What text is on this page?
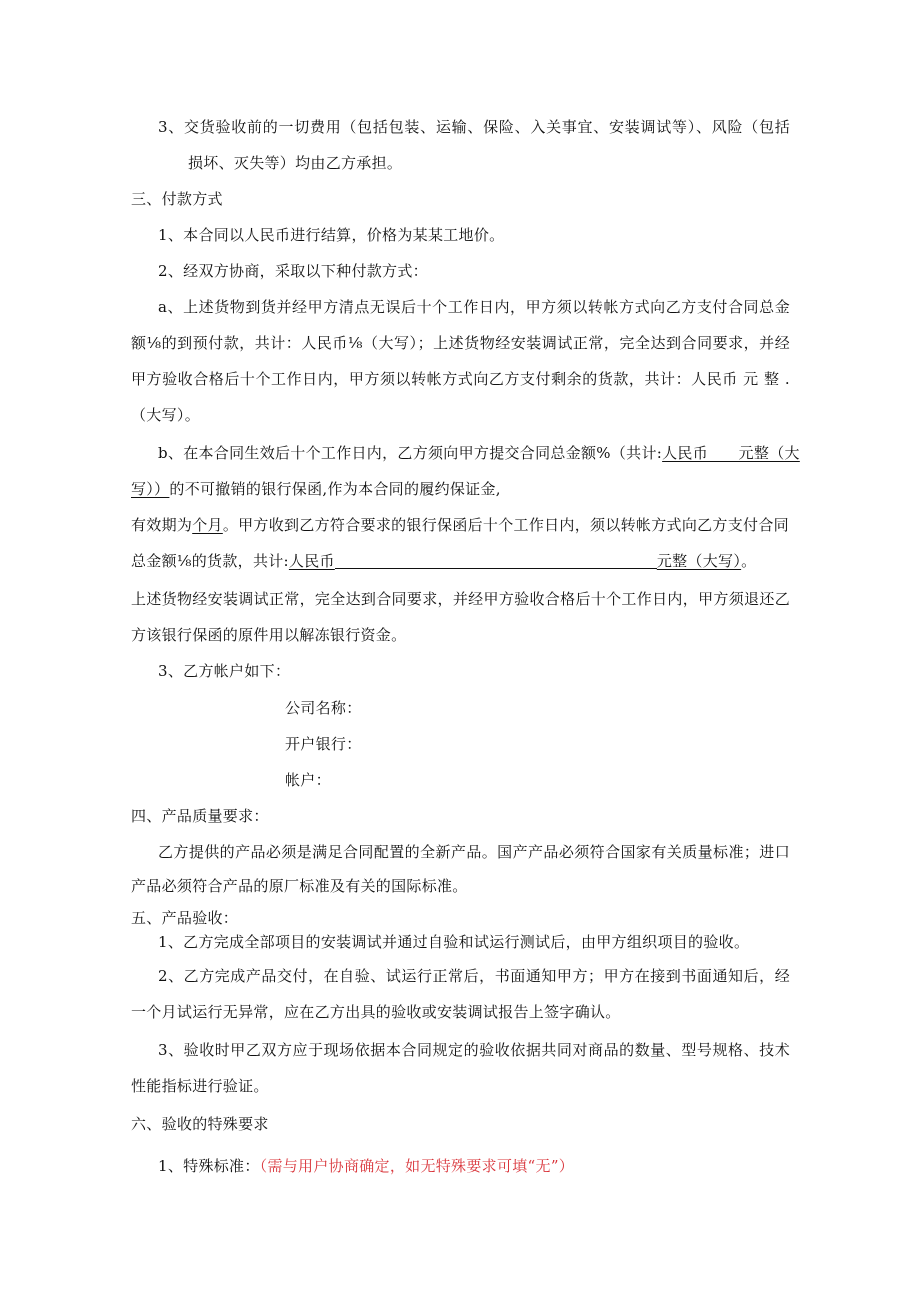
3、交货验收前的一切费用（包括包装、运输、保险、入关事宜、安装调试等）、风险（包括
损坏、灭失等）均由乙方承担。
三、付款方式
1、本合同以人民币进行结算，价格为某某工地价。
2、经双方协商，采取以下种付款方式：
a、上述货物到货并经甲方清点无误后十个工作日内，甲方须以转帐方式向乙方支付合同总金
额⅛的到预付款，共计：人民币⅛（大写）；上述货物经安装调试正常，完全达到合同要求，并经
甲方验收合格后十个工作日内，甲方须以转帐方式向乙方支付剩余的货款，共计：人民币 元 整 .
（大写）。
b、在本合同生效后十个工作日内，乙方须向甲方提交合同总金额%（共计:人民币　　元整（大
写））的不可撤销的银行保函,作为本合同的履约保证金,
有效期为个月。甲方收到乙方符合要求的银行保函后十个工作日内，须以转帐方式向乙方支付合同
总金额⅛的货款，共计:人民币	元整（大写）。
上述货物经安装调试正常，完全达到合同要求，并经甲方验收合格后十个工作日内，甲方须退还乙
方该银行保函的原件用以解冻银行资金。
3、乙方帐户如下：
公司名称：
开户银行：
帐户：
四、产品质量要求：
乙方提供的产品必须是满足合同配置的全新产品。国产产品必须符合国家有关质量标准；进口
产品必须符合产品的原厂标准及有关的国际标准。
五、产品验收：
1、乙方完成全部项目的安装调试并通过自验和试运行测试后，由甲方组织项目的验收。
2、乙方完成产品交付，在自验、试运行正常后，书面通知甲方；甲方在接到书面通知后，经
一个月试运行无异常，应在乙方出具的验收或安装调试报告上签字确认。
3、验收时甲乙双方应于现场依据本合同规定的验收依据共同对商品的数量、型号规格、技术
性能指标进行验证。
六、验收的特殊要求
1、特殊标准：（需与用户协商确定，如无特殊要求可填“无”）
